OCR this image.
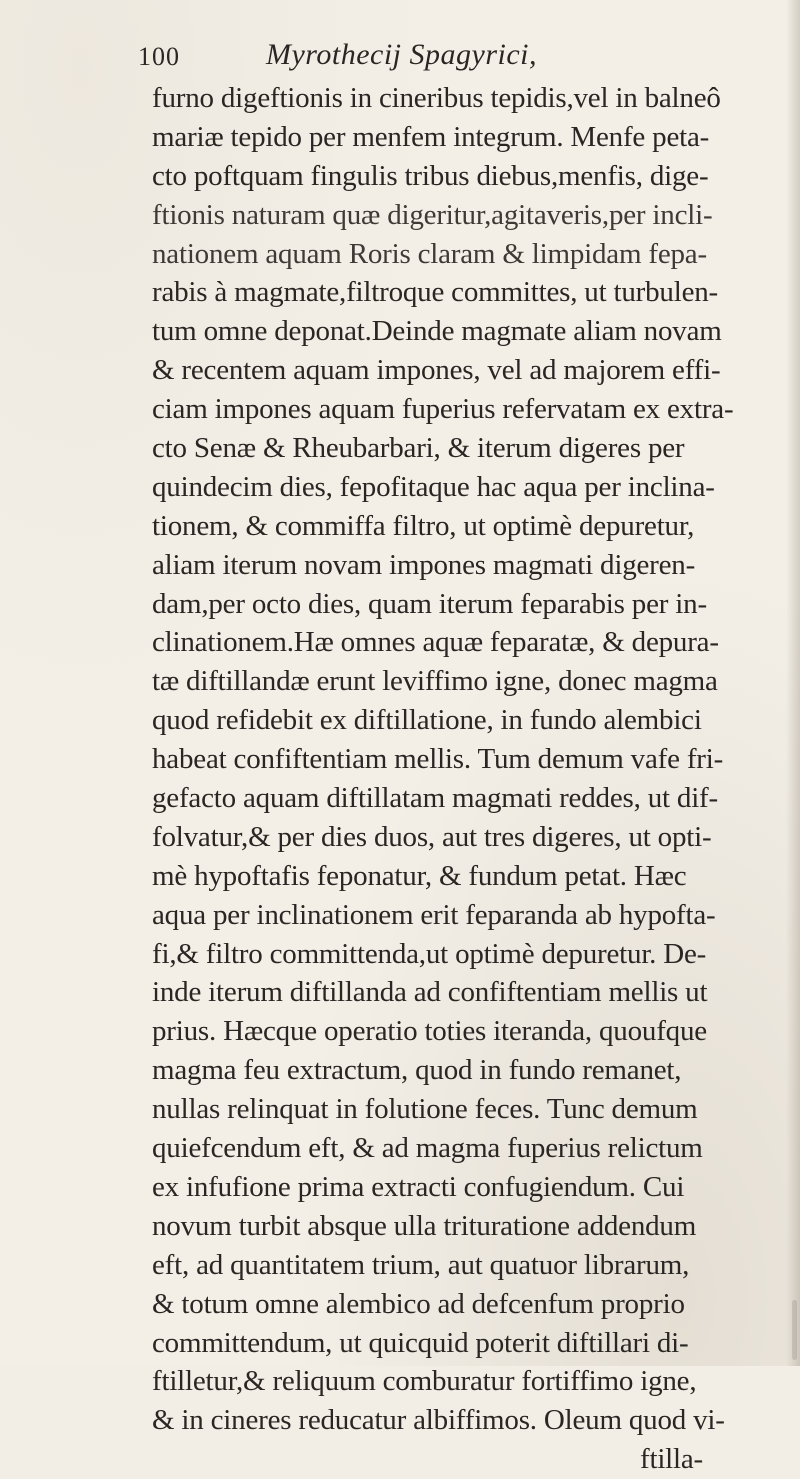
100	Myrothecij Spagyrici,
furno digeftionis in cineribus tepidis,vel in balneô
mariæ tepido per menfem integrum. Menfe peta-
cto poftquam fingulis tribus diebus,menfis, dige-
ftionis naturam quæ digeritur,agitaveris,per incli-
nationem aquam Roris claram & limpidam fepa-
rabis à magmate,filtroque committes, ut turbulen-
tum omne deponat.Deinde magmate aliam novam
& recentem aquam impones, vel ad majorem effi-
ciam impones aquam fuperius refervatam ex extra-
cto Senæ & Rheubarbari, & iterum digeres per
quindecim dies, fepofitaque hac aqua per inclina-
tionem, & commiffa filtro, ut optimè depuretur,
aliam iterum novam impones magmati digeren-
dam,per octo dies, quam iterum feparabis per in-
clinationem.Hæ omnes aquæ feparatæ, & depura-
tæ diftillandæ erunt leviffimo igne, donec magma
quod refidebit ex diftillatione, in fundo alembici
habeat confiftentiam mellis. Tum demum vafe fri-
gefacto aquam diftillatam magmati reddes, ut dif-
folvatur,& per dies duos, aut tres digeres, ut opti-
mè hypoftafis feponatur, & fundum petat. Hæc
aqua per inclinationem erit feparanda ab hypofta-
fi,& filtro committenda,ut optimè depuretur. De-
inde iterum diftillanda ad confiftentiam mellis ut
prius. Hæcque operatio toties iteranda, quoufque
magma feu extractum, quod in fundo remanet,
nullas relinquat in folutione feces. Tunc demum
quiefcendum eft, & ad magma fuperius relictum
ex infufione prima extracti confugiendum. Cui
novum turbit absque ulla trituratione addendum
eft, ad quantitatem trium, aut quatuor librarum,
& totum omne alembico ad defcenfum proprio
committendum, ut quicquid poterit diftillari di-
ftilletur,& reliquum comburatur fortiffimo igne,
& in cineres reducatur albiffimos. Oleum quod vi-
ftilla-
